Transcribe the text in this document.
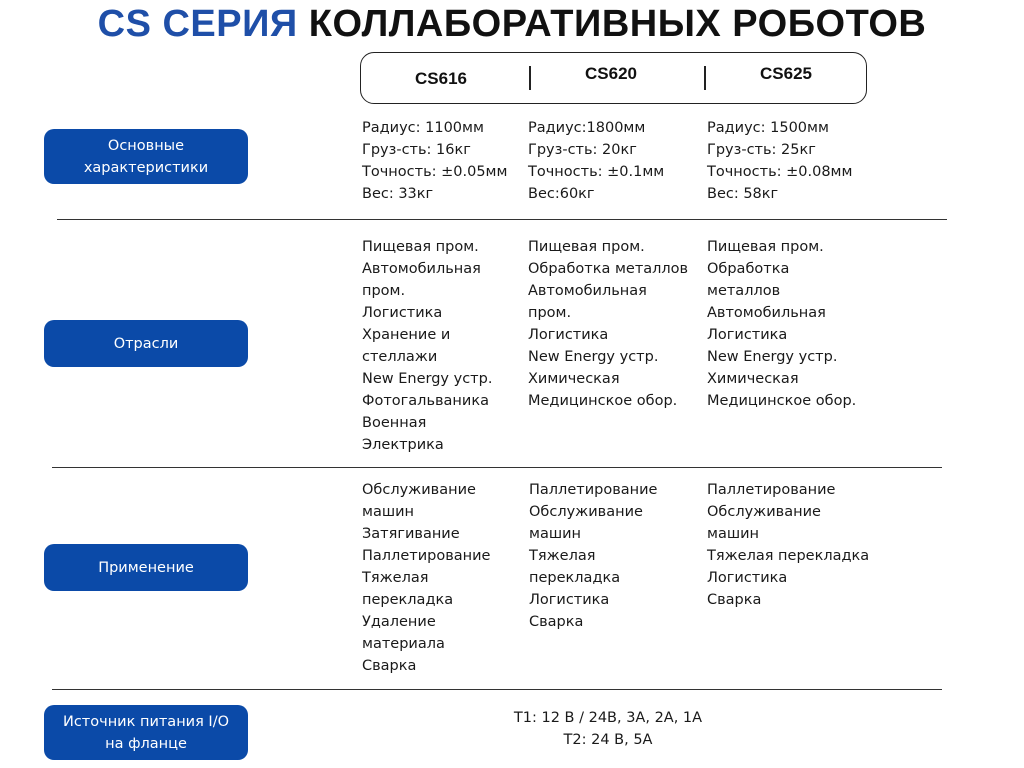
CS СЕРИЯ КОЛЛАБОРАТИВНЫХ РОБОТОВ
CS616	CS620	CS625
Основные характеристики
Радиус: 1100мм
Груз-сть: 16кг
Точность: ±0.05мм
Вес: 33кг
Радиус:1800мм
Груз-сть: 20кг
Точность: ±0.1мм
Вес:60кг
Радиус: 1500мм
Груз-сть: 25кг
Точность: ±0.08мм
Вес: 58кг
Отрасли
Пищевая пром.
Автомобильная
пром.
Логистика
Хранение и
стеллажи
New Energy устр.
Фотогальваника
Военная
Электрика
Пищевая пром.
Обработка металлов
Автомобильная
пром.
Логистика
New Energy устр.
Химическая
Медицинское обор.
Пищевая пром.
Обработка
металлов
Автомобильная
Логистика
New Energy устр.
Химическая
Медицинское обор.
Применение
Обслуживание
машин
Затягивание
Паллетирование
Тяжелая
перекладка
Удаление
материала
Сварка
Паллетирование
Обслуживание
машин
Тяжелая
перекладка
Логистика
Сварка
Паллетирование
Обслуживание
машин
Тяжелая перекладка
Логистика
Сварка
Источник питания I/O на фланце
T1: 12 В / 24В, 3А, 2А, 1А
T2: 24 В, 5А
